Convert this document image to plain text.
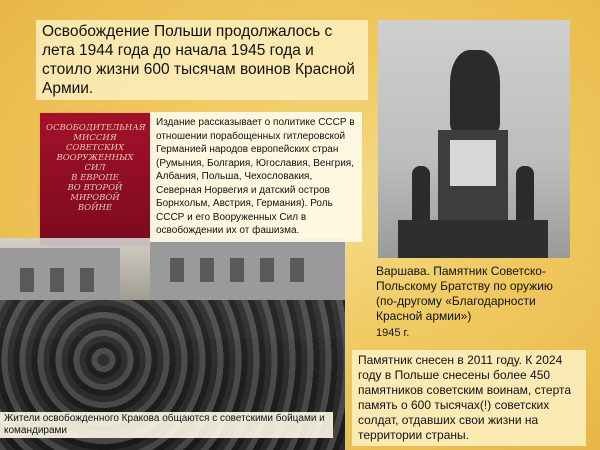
Освобождение Польши продолжалось с лета 1944 года до начала 1945 года и стоило жизни 600 тысячам воинов Красной Армии.
ОСВОБОДИТЕЛЬНАЯ
МИССИЯ
СОВЕТСКИХ
ВООРУЖЕННЫХ
СИЛ
В ЕВРОПЕ
ВО ВТОРОЙ
МИРОВОЙ
ВОЙНЕ
Издание рассказывает о политике СССР в отношении порабощенных гитлеровской Германией народов европейских стран (Румыния, Болгария, Югославия, Венгрия, Албания, Польша, Чехословакия, Северная Норвегия и датский остров Борнхольм, Австрия, Германия). Роль СССР и его Вооруженных Сил в освобождении их от фашизма.
Жители освобожденного Кракова общаются с советскими бойцами и командирами
Варшава. Памятник Советско-Польскому Братству по оружию (по-другому «Благодарности Красной армии»)
1945 г.
Памятник снесен в 2011 году. К 2024 году в Польше снесены более 450 памятников советским воинам, стерта память о 600 тысячах(!) советских солдат, отдавших свои жизни на территории страны.
